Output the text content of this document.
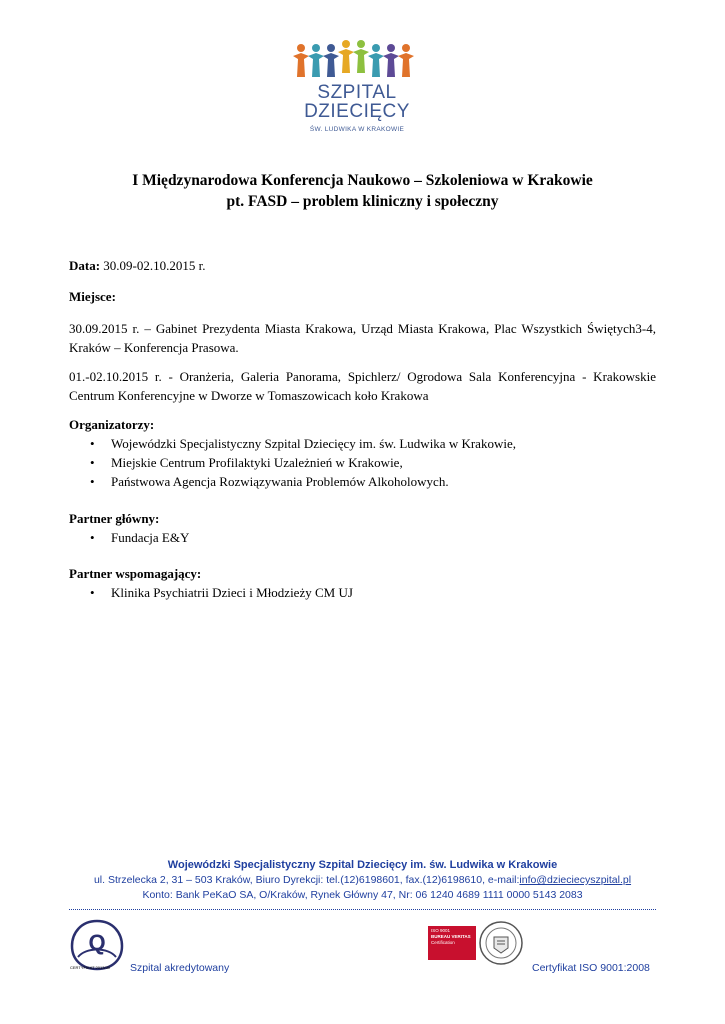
SZPITAL
DZIECIĘCY
ŚW. LUDWIKA W KRAKOWIE
I Międzynarodowa Konferencja Naukowo – Szkoleniowa w Krakowie
pt. FASD – problem kliniczny i społeczny

Data: 30.09-02.10.2015 r.

Miejsce:

30.09.2015 r. – Gabinet Prezydenta Miasta Krakowa, Urząd Miasta Krakowa, Plac Wszystkich Świętych3-4, Kraków – Konferencja Prasowa.

01.-02.10.2015 r. - Oranżeria, Galeria Panorama, Spichlerz/ Ogrodowa Sala Konferencyjna - Krakowskie Centrum Konferencyjne w Dworze w Tomaszowicach koło Krakowa

Organizatorzy:

• Wojewódzki Specjalistyczny Szpital Dziecięcy im. św. Ludwika w Krakowie,
• Miejskie Centrum Profilaktyki Uzależnień w Krakowie,
• Państwowa Agencja Rozwiązywania Problemów Alkoholowych.

Partner główny:

• Fundacja E&Y

Partner wspomagający:

• Klinika Psychiatrii Dzieci i Młodzieży CM UJ
Wojewódzki Specjalistyczny Szpital Dziecięcy im. św. Ludwika w Krakowie
ul. Strzelecka 2, 31 – 503 Kraków, Biuro Dyrekcji: tel.(12)6198601, fax.(12)6198610, e-mail:info@dzieciecyszpital.pl
Konto: Bank PeKaO SA, O/Kraków, Rynek Główny 47, Nr: 06 1240 4689 1111 0000 5143 2083
Q
CERTYFIKAT 2013/30 Szpital akredytowany
ISO 9001
BUREAU VERITAS
Certification
Certyfikat ISO 9001:2008
